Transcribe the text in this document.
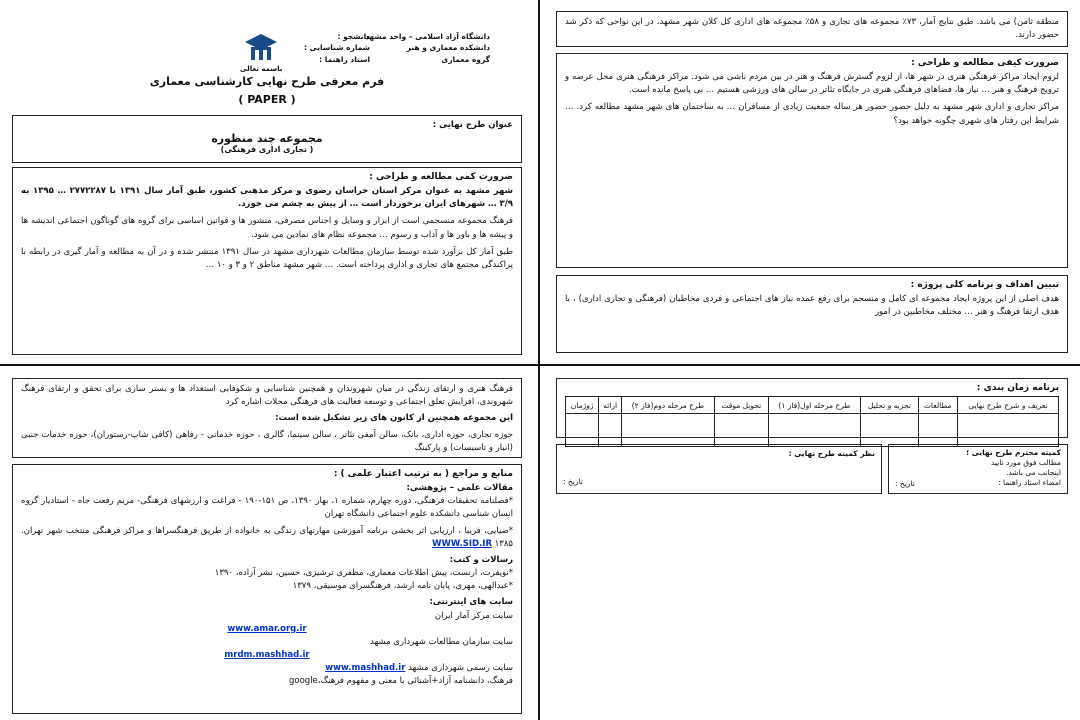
دانشگاه آزاد اسلامی – واحد مشهد
دانشکده معماری و هنر
گروه معماری
باسمه تعالی
دانشجو :
شماره شناسایی :
استاد راهنما :
فرم معرفی طرح نهایی کارشناسی معماری
( PAPER )
عنوان طرح نهایی :
مجموعه چند منظوره
( تجاری اداری فرهنگی)

ضرورت کمی مطالعه و طراحی :

شهر مشهد به عنوان مرکز استان خراسان رضوی و مرکز مذهبی کشور، طبق آمار سال ۱۳۹۱ با ۲۷۷۲۲۸۷ … ۱۳۹۵ به ۳/۹ … شهرهای ایران برخوردار است … از پیش به چشم می خورد.

فرهنگ مجموعه منسجمی است از ابزار و وسایل و اجناس مصرفی، منشور ها و قوانین اساسی برای گروه های گوناگون اجتماعی اندیشه ها و پیشه ها و باور ها و آداب و رسوم … مجموعه نظام های نمادین می شود.

طبق آمار کل برآورد شده توسط سازمان مطالعات شهرداری مشهد در سال ۱۳۹۱ منتشر شده و در آن به مطالعه و آمار گیری در رابطه با پراکندگی مجتمع های تجاری و اداری پرداخته است. … شهر مشهد مناطق ۲ و ۳ و ۱۰ …

منطقه ثامن) می باشد. طبق نتایج آمار، ۷۳٪ مجموعه های تجاری و ۵۸٪ مجموعه های اداری کل کلان شهر مشهد، در این نواحی که ذکر شد حضور دارند.

ضرورت کیفی مطالعه و طراحی :

لزوم ایجاد مراکز فرهنگی هنری در شهر ها، از لزوم گسترش فرهنگ و هنر در بین مردم ناشی می شود. مراکز فرهنگی هنری محل عرضه و ترویج فرهنگ و هنر … نیاز ها، فضاهای فرهنگی هنری در جایگاه تئاتر در سالن های ورزشی هستیم … بی پاسخ مانده است.

مراکز تجاری و اداری شهر مشهد به دلیل حضور حضور هر ساله جمعیت زیادی از مسافران … به ساختمان های شهر مشهد مطالعه کرد. … شرایط این رفتار های شهری چگونه خواهد بود؟

تبیین اهداف و برنامه کلی پروژه :

هدف اصلی از این پروژه ایجاد مجموعه ای کامل و منسجم برای رفع عمده نیاز های اجتماعی و فردی مخاطبان (فرهنگی و تجاری اداری) ، با هدف ارتقا فرهنگ و هنر … مختلف مخاطبین در امور

فرهنگ هنری و ارتقای زندگی در میان شهروندان و همچنین شناسایی و شکوفایی استعداد ها و بستر سازی برای تحقق و ارتقای فرهنگ شهروندی، افزایش تعلق اجتماعی و توسعه فعالیت های فرهنگی محلات اشاره کرد

این مجموعه همچنین از کانون های زیر تشکیل شده است:

حوزه تجاری، حوزه اداری، بانک، سالن آمفی تئاتر ، سالن سینما، گالری ، حوزه خدماتی - رفاهی (کافی شاپ-رستوران)، حوزه خدمات جنبی (انبار و تاسیسات) و پارکینگ

منابع و مراجع ( به ترتیب اعتبار علمی ) :

مقالات علمی – پژوهشی:

*فصلنامه تحقیقات فرهنگی، دوره چهارم، شماره ۱، بهار ۱۳۹۰، ص ۱۵۱-۱۹۰ - فراغت و ارزشهای فرهنگی- مریم رفعت جاه - استادیار گروه انسان شناسی دانشکده علوم اجتماعی دانشگاه تهران

*ضیایی، فریبا ، ارزیابی اثر بخشی برنامه آموزشی مهارتهای زندگی به خانواده از طریق فرهنگسراها و مراکز فرهنگی منتخب شهر تهران. ۱۳۸۵ WWW.SID.IR

رسالات و کتب:

*نویفرت، ارنست، پیش اطلاعات معماری، مظفری ترشیزی، حسین، نشر آزاده، ۱۳۹۰

*عبدالهی، مهری، پایان نامه ارشد، فرهنگسرای موسیقی، ۱۳۷۹

سایت های اینترنتی:

سایت مرکز آمار ایران

www.amar.org.ir

سایت سازمان مطالعات شهرداری مشهد

mrdm.mashhad.ir

سایت رسمی شهرداری مشهد www.mashhad.ir

فرهنگ، دانشنامه آزاد+آشنائی با معنی و مفهوم فرهنگ،google

برنامه زمان بندی :

تعریف و شرح طرح نهایی	مطالعات	تجزیه و تحلیل	طرح مرحله اول(فاز ۱)	تحویل موقت	طرح مرحله دوم(فاز ۲)	ارائه	ژوژمان

کمیته محترم طرح نهایی ؛

مطالب فوق مورد تایید

اینجانب می باشد.

امضاء استاد راهنما :

تاریخ :

نظر کمیته طرح نهایی :

تاریخ :
